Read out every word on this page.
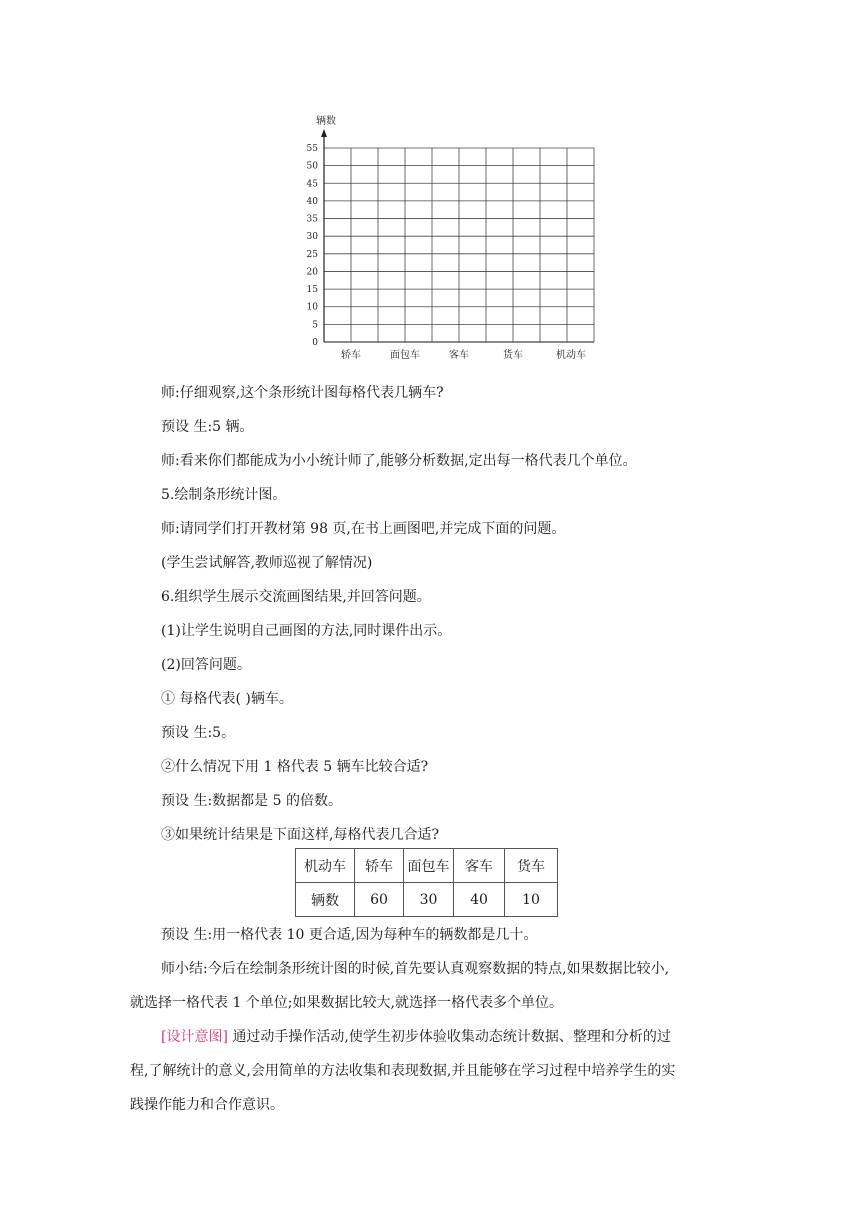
辆数
0
5
10
15
20
25
30
35
40
45
50
55
轿车	面包车	客车	货车	机动车
师:仔细观察,这个条形统计图每格代表几辆车?
预设 生:5 辆。
师:看来你们都能成为小小统计师了,能够分析数据,定出每一格代表几个单位。
5.绘制条形统计图。
师:请同学们打开教材第 98 页,在书上画图吧,并完成下面的问题。
(学生尝试解答,教师巡视了解情况)
6.组织学生展示交流画图结果,并回答问题。
(1)让学生说明自己画图的方法,同时课件出示。
(2)回答问题。
① 每格代表( )辆车。
预设 生:5。
②什么情况下用 1 格代表 5 辆车比较合适?
预设 生:数据都是 5 的倍数。
③如果统计结果是下面这样,每格代表几合适?
机动车	轿车	面包车	客车	货车
辆数	60	30	40	10
预设 生:用一格代表 10 更合适,因为每种车的辆数都是几十。
师小结:今后在绘制条形统计图的时候,首先要认真观察数据的特点,如果数据比较小,
就选择一格代表 1 个单位;如果数据比较大,就选择一格代表多个单位。
[设计意图] 通过动手操作活动,使学生初步体验收集动态统计数据、整理和分析的过
程,了解统计的意义,会用简单的方法收集和表现数据,并且能够在学习过程中培养学生的实
践操作能力和合作意识。
